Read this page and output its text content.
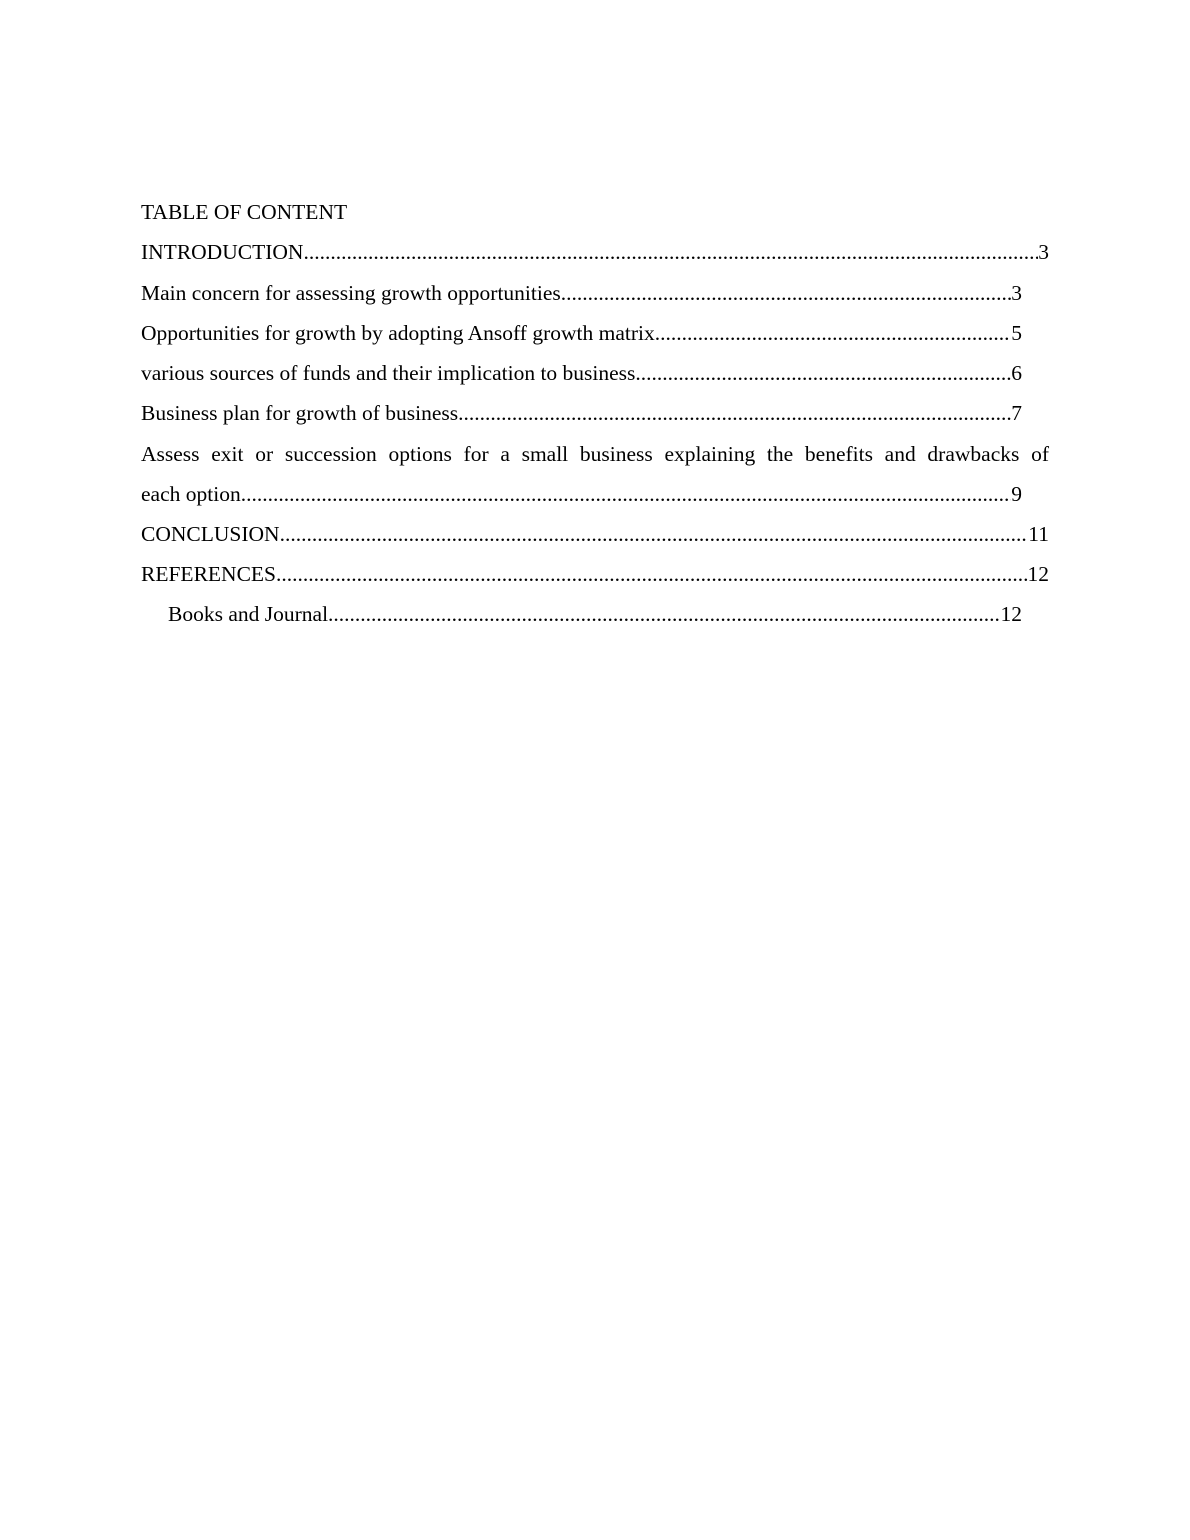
TABLE OF CONTENT
INTRODUCTION .....	3
Main concern for assessing growth opportunities .....	3
Opportunities for growth by adopting Ansoff growth matrix .....	5
various sources of funds and their implication to business .....	6
Business plan for growth of business .....	7
Assess exit or succession options for a small business explaining the benefits and drawbacks of
each option .....	9
CONCLUSION .....	11
REFERENCES .....	12
Books and Journal .....	12
